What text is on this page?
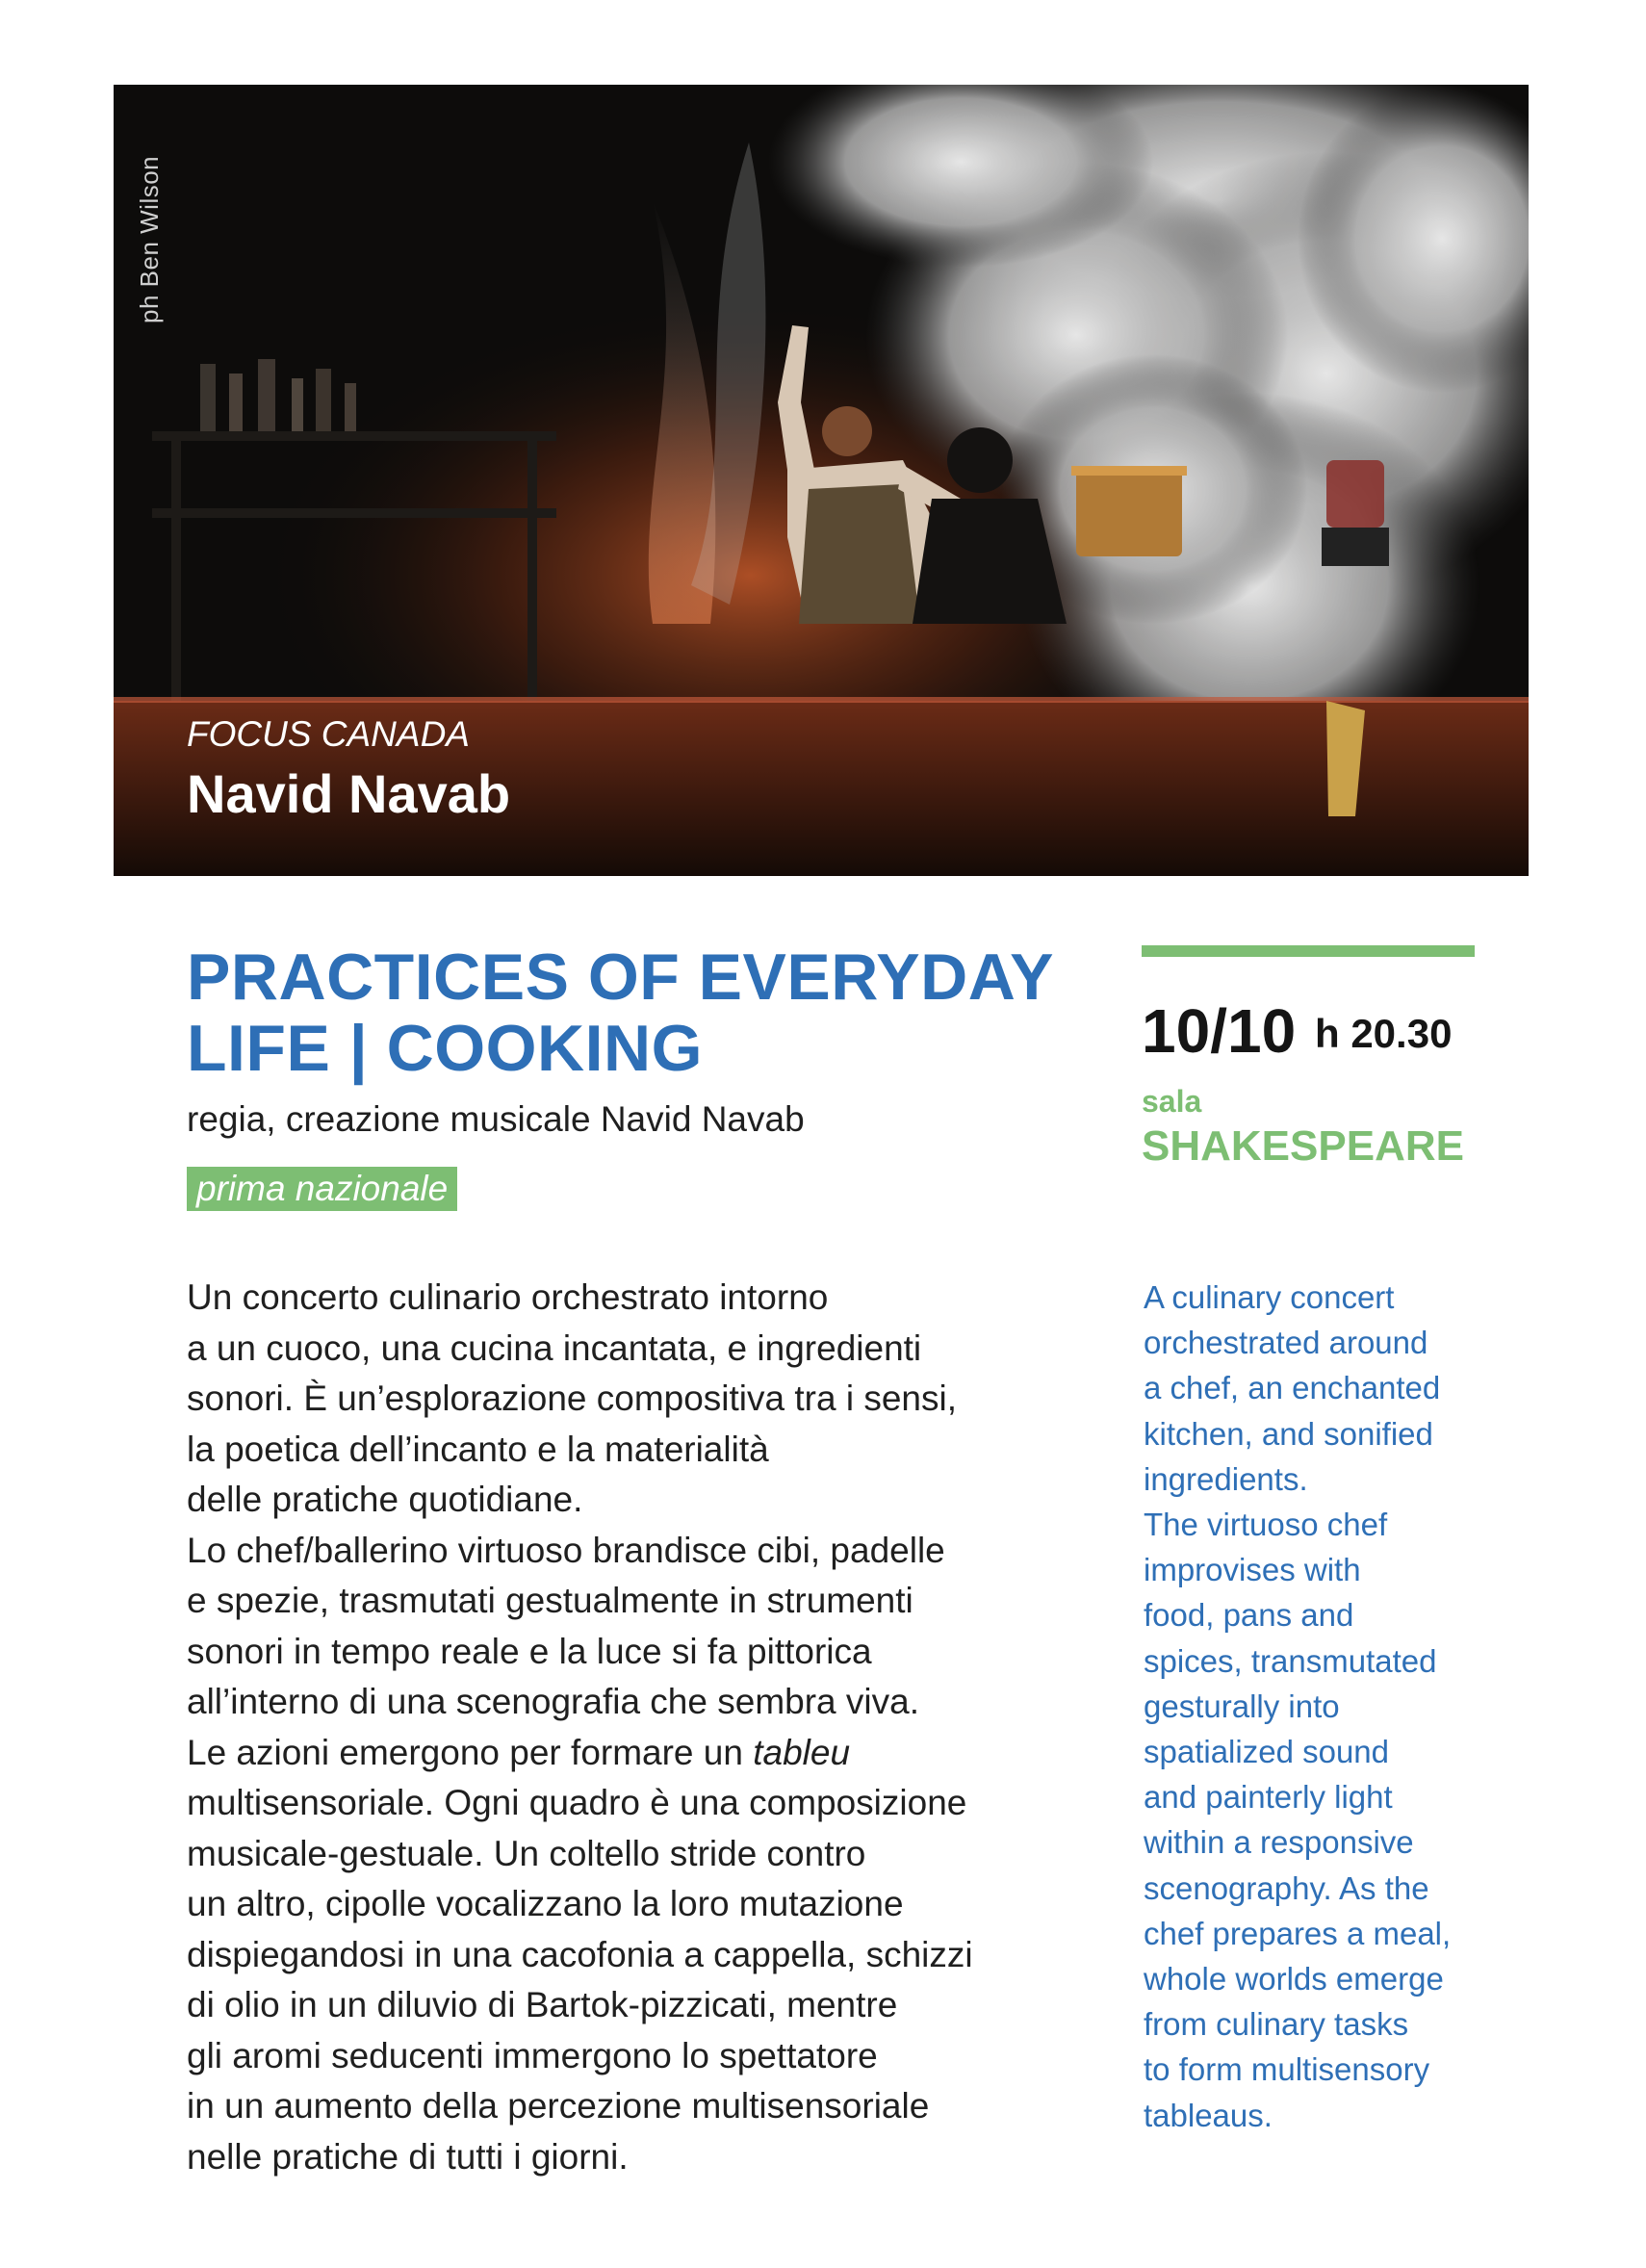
ph Ben Wilson
FOCUS CANADA
Navid Navab
PRACTICES OF EVERYDAY
LIFE | COOKING
regia, creazione musicale Navid Navab
prima nazionale
10/10 h 20.30
sala
SHAKESPEARE
Un concerto culinario orchestrato intorno
a un cuoco, una cucina incantata, e ingredienti
sonori. È un’esplorazione compositiva tra i sensi,
la poetica dell’incanto e la materialità
delle pratiche quotidiane.
Lo chef/ballerino virtuoso brandisce cibi, padelle
e spezie, trasmutati gestualmente in strumenti
sonori in tempo reale e la luce si fa pittorica
all’interno di una scenografia che sembra viva.
Le azioni emergono per formare un tableu
multisensoriale. Ogni quadro è una composizione
musicale-gestuale. Un coltello stride contro
un altro, cipolle vocalizzano la loro mutazione
dispiegandosi in una cacofonia a cappella, schizzi
di olio in un diluvio di Bartok-pizzicati, mentre
gli aromi seducenti immergono lo spettatore
in un aumento della percezione multisensoriale
nelle pratiche di tutti i giorni.
A culinary concert
orchestrated around
a chef, an enchanted
kitchen, and sonified
ingredients.
The virtuoso chef
improvises with
food, pans and
spices, transmutated
gesturally into
spatialized sound
and painterly light
within a responsive
scenography. As the
chef prepares a meal,
whole worlds emerge
from culinary tasks
to form multisensory
tableaus.
